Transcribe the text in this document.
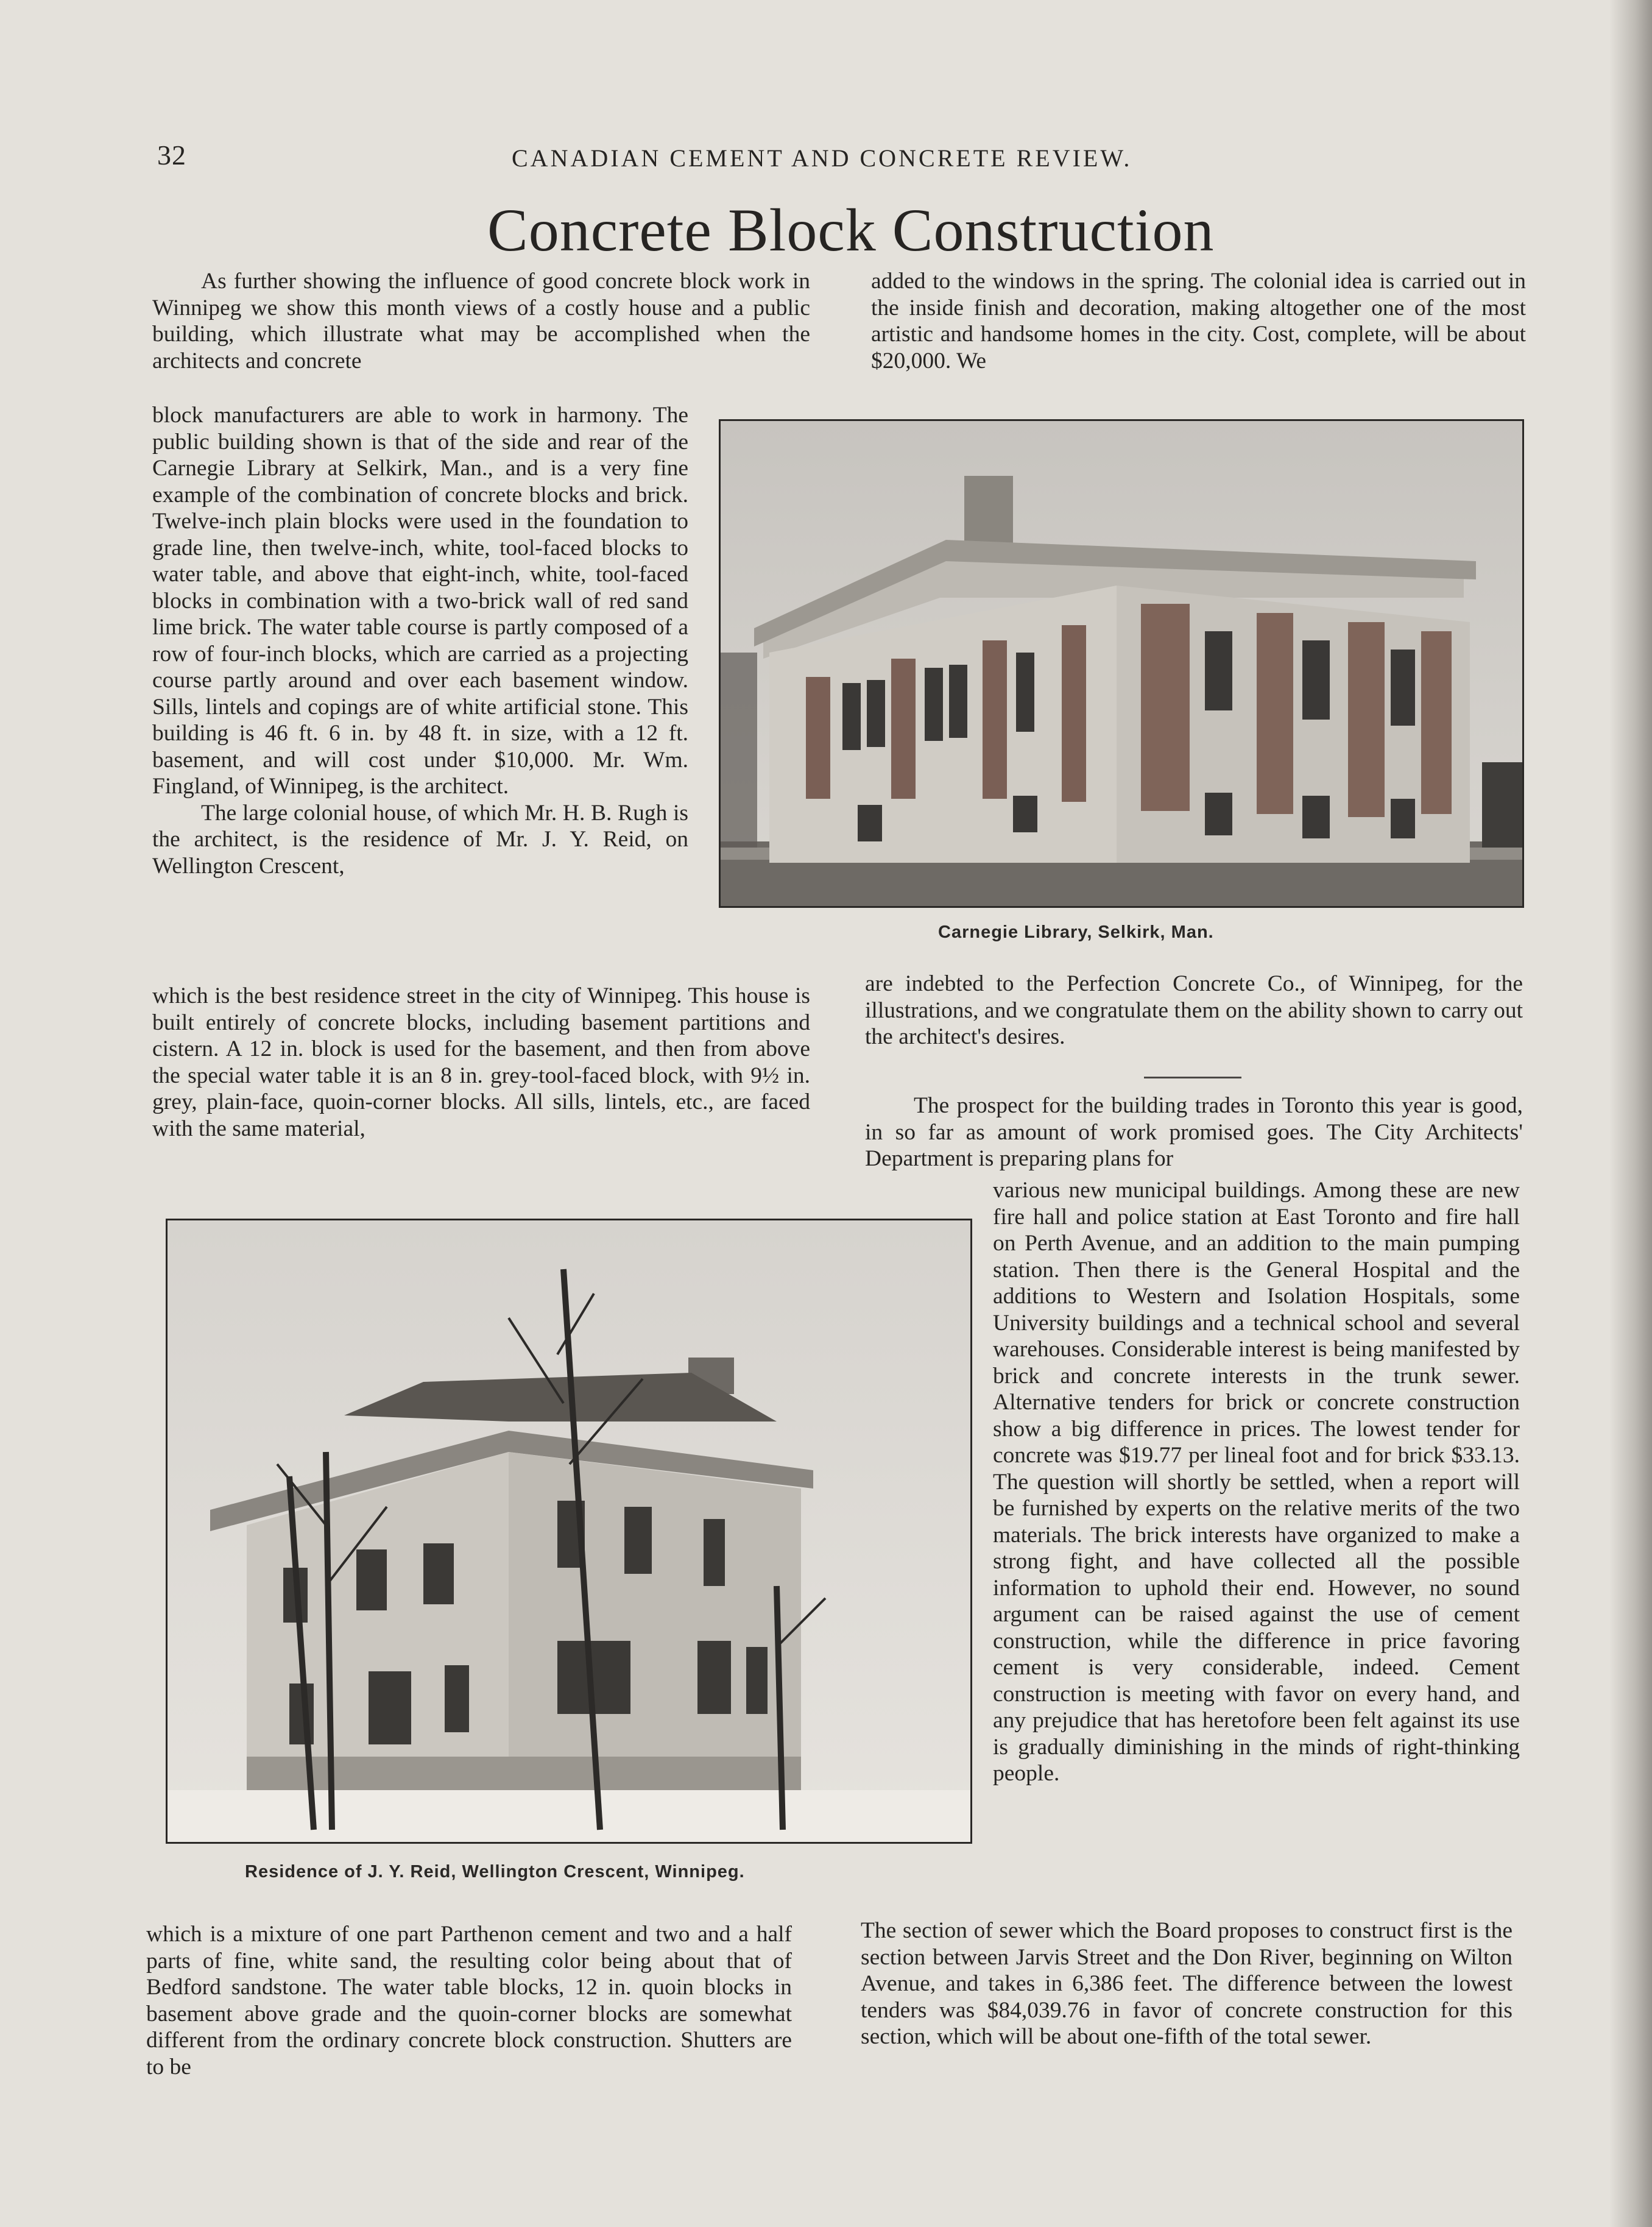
32	CANADIAN CEMENT AND CONCRETE REVIEW.
Concrete Block Construction

As further showing the influence of good concrete block work in Winnipeg we show this month views of a costly house and a public building, which illustrate what may be accomplished when the architects and concrete

block manufacturers are able to work in harmony. The public building shown is that of the side and rear of the Carnegie Library at Selkirk, Man., and is a very fine example of the combination of concrete blocks and brick. Twelve-inch plain blocks were used in the foundation to grade line, then twelve-inch, white, tool-faced blocks to water table, and above that eight-inch, white, tool-faced blocks in combination with a two-brick wall of red sand lime brick. The water table course is partly composed of a row of four-inch blocks, which are carried as a projecting course partly around and over each basement window. Sills, lintels and copings are of white artificial stone. This building is 46 ft. 6 in. by 48 ft. in size, with a 12 ft. basement, and will cost under $10,000. Mr. Wm. Fingland, of Winnipeg, is the architect.

The large colonial house, of which Mr. H. B. Rugh is the architect, is the residence of Mr. J. Y. Reid, on Wellington Crescent,

which is the best residence street in the city of Winnipeg. This house is built entirely of concrete blocks, including basement partitions and cistern. A 12 in. block is used for the basement, and then from above the special water table it is an 8 in. grey-tool-faced block, with 9½ in. grey, plain-face, quoin-corner blocks. All sills, lintels, etc., are faced with the same material,

which is a mixture of one part Parthenon cement and two and a half parts of fine, white sand, the resulting color being about that of Bedford sandstone. The water table blocks, 12 in. quoin blocks in basement above grade and the quoin-corner blocks are somewhat different from the ordinary concrete block construction. Shutters are to be

added to the windows in the spring. The colonial idea is carried out in the inside finish and decoration, making altogether one of the most artistic and handsome homes in the city. Cost, complete, will be about $20,000. We

Carnegie Library, Selkirk, Man.

are indebted to the Perfection Concrete Co., of Winnipeg, for the illustrations, and we congratulate them on the ability shown to carry out the architect's desires.

The prospect for the building trades in Toronto this year is good, in so far as amount of work promised goes. The City Architects' Department is preparing plans for

Residence of J. Y. Reid, Wellington Crescent, Winnipeg.

various new municipal buildings. Among these are new fire hall and police station at East Toronto and fire hall on Perth Avenue, and an addition to the main pumping station. Then there is the General Hospital and the additions to Western and Isolation Hospitals, some University buildings and a technical school and several warehouses. Considerable interest is being manifested by brick and concrete interests in the trunk sewer. Alternative tenders for brick or concrete construction show a big difference in prices. The lowest tender for concrete was $19.77 per lineal foot and for brick $33.13. The question will shortly be settled, when a report will be furnished by experts on the relative merits of the two materials. The brick interests have organized to make a strong fight, and have collected all the possible information to uphold their end. However, no sound argument can be raised against the use of cement construction, while the difference in price favoring cement is very considerable, indeed. Cement construction is meeting with favor on every hand, and any prejudice that has heretofore been felt against its use is gradually diminishing in the minds of right-thinking people.

The section of sewer which the Board proposes to construct first is the section between Jarvis Street and the Don River, beginning on Wilton Avenue, and takes in 6,386 feet. The difference between the lowest tenders was $84,039.76 in favor of concrete construction for this section, which will be about one-fifth of the total sewer.
